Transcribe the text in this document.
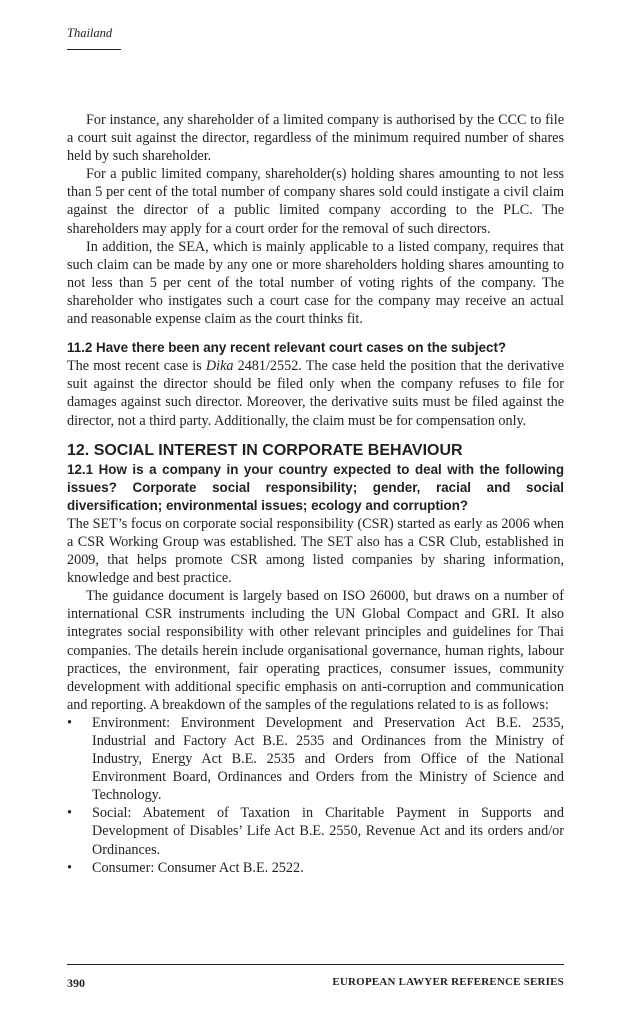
Thailand

For instance, any shareholder of a limited company is authorised by the CCC to file a court suit against the director, regardless of the minimum required number of shares held by such shareholder.

For a public limited company, shareholder(s) holding shares amounting to not less than 5 per cent of the total number of company shares sold could instigate a civil claim against the director of a public limited company according to the PLC. The shareholders may apply for a court order for the removal of such directors.

In addition, the SEA, which is mainly applicable to a listed company, requires that such claim can be made by any one or more shareholders holding shares amounting to not less than 5 per cent of the total number of voting rights of the company. The shareholder who instigates such a court case for the company may receive an actual and reasonable expense claim as the court thinks fit.

11.2 Have there been any recent relevant court cases on the subject?

The most recent case is Dika 2481/2552. The case held the position that the derivative suit against the director should be filed only when the company refuses to file for damages against such director. Moreover, the derivative suits must be filed against the director, not a third party. Additionally, the claim must be for compensation only.

12. SOCIAL INTEREST IN CORPORATE BEHAVIOUR

12.1 How is a company in your country expected to deal with the following issues? Corporate social responsibility; gender, racial and social diversification; environmental issues; ecology and corruption?

The SET’s focus on corporate social responsibility (CSR) started as early as 2006 when a CSR Working Group was established. The SET also has a CSR Club, established in 2009, that helps promote CSR among listed companies by sharing information, knowledge and best practice.

The guidance document is largely based on ISO 26000, but draws on a number of international CSR instruments including the UN Global Compact and GRI. It also integrates social responsibility with other relevant principles and guidelines for Thai companies. The details herein include organisational governance, human rights, labour practices, the environment, fair operating practices, consumer issues, community development with additional specific emphasis on anti-corruption and communication and reporting. A breakdown of the samples of the regulations related to is as follows:

• Environment: Environment Development and Preservation Act B.E. 2535, Industrial and Factory Act B.E. 2535 and Ordinances from the Ministry of Industry, Energy Act B.E. 2535 and Orders from Office of the National Environment Board, Ordinances and Orders from the Ministry of Science and Technology.

• Social: Abatement of Taxation in Charitable Payment in Supports and Development of Disables’ Life Act B.E. 2550, Revenue Act and its orders and/or Ordinances.

• Consumer: Consumer Act B.E. 2522.

390	EUROPEAN LAWYER REFERENCE SERIES
